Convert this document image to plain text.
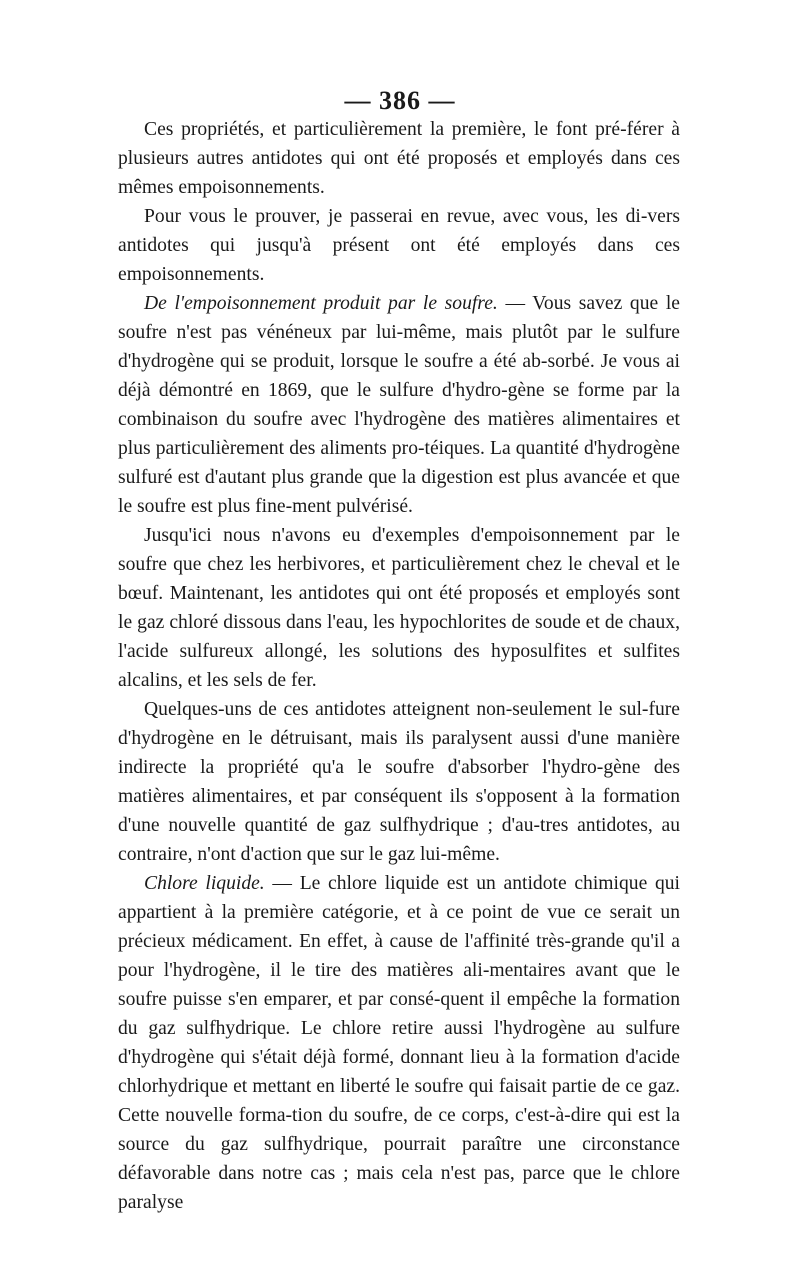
— 386 —

Ces propriétés, et particulièrement la première, le font pré-férer à plusieurs autres antidotes qui ont été proposés et employés dans ces mêmes empoisonnements.

Pour vous le prouver, je passerai en revue, avec vous, les di-vers antidotes qui jusqu'à présent ont été employés dans ces empoisonnements.

De l'empoisonnement produit par le soufre. — Vous savez que le soufre n'est pas vénéneux par lui-même, mais plutôt par le sulfure d'hydrogène qui se produit, lorsque le soufre a été ab-sorbé. Je vous ai déjà démontré en 1869, que le sulfure d'hydro-gène se forme par la combinaison du soufre avec l'hydrogène des matières alimentaires et plus particulièrement des aliments pro-téiques. La quantité d'hydrogène sulfuré est d'autant plus grande que la digestion est plus avancée et que le soufre est plus fine-ment pulvérisé.

Jusqu'ici nous n'avons eu d'exemples d'empoisonnement par le soufre que chez les herbivores, et particulièrement chez le cheval et le bœuf. Maintenant, les antidotes qui ont été proposés et employés sont le gaz chloré dissous dans l'eau, les hypochlorites de soude et de chaux, l'acide sulfureux allongé, les solutions des hyposulfites et sulfites alcalins, et les sels de fer.

Quelques-uns de ces antidotes atteignent non-seulement le sul-fure d'hydrogène en le détruisant, mais ils paralysent aussi d'une manière indirecte la propriété qu'a le soufre d'absorber l'hydro-gène des matières alimentaires, et par conséquent ils s'opposent à la formation d'une nouvelle quantité de gaz sulfhydrique ; d'au-tres antidotes, au contraire, n'ont d'action que sur le gaz lui-même.

Chlore liquide. — Le chlore liquide est un antidote chimique qui appartient à la première catégorie, et à ce point de vue ce serait un précieux médicament. En effet, à cause de l'affinité très-grande qu'il a pour l'hydrogène, il le tire des matières ali-mentaires avant que le soufre puisse s'en emparer, et par consé-quent il empêche la formation du gaz sulfhydrique. Le chlore retire aussi l'hydrogène au sulfure d'hydrogène qui s'était déjà formé, donnant lieu à la formation d'acide chlorhydrique et mettant en liberté le soufre qui faisait partie de ce gaz. Cette nouvelle forma-tion du soufre, de ce corps, c'est-à-dire qui est la source du gaz sulfhydrique, pourrait paraître une circonstance défavorable dans notre cas ; mais cela n'est pas, parce que le chlore paralyse
